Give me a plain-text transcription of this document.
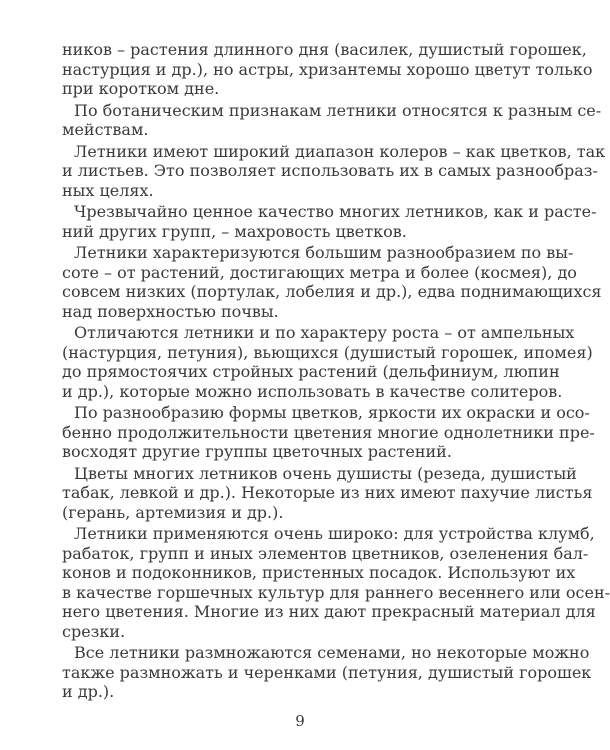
ников – растения длинного дня (василек, душистый горошек,
настурция и др.), но астры, хризантемы хорошо цветут только
при коротком дне.
По ботаническим признакам летники относятся к разным се-
мействам.
Летники имеют широкий диапазон колеров – как цветков, так
и листьев. Это позволяет использовать их в самых разнообраз-
ных целях.
Чрезвычайно ценное качество многих летников, как и расте-
ний других групп, – махровость цветков.
Летники характеризуются большим разнообразием по вы-
соте – от растений, достигающих метра и более (космея), до
совсем низких (портулак, лобелия и др.), едва поднимающихся
над поверхностью почвы.
Отличаются летники и по характеру роста – от ампельных
(настурция, петуния), вьющихся (душистый горошек, ипомея)
до прямостоячих стройных растений (дельфиниум, люпин
и др.), которые можно использовать в качестве солитеров.
По разнообразию формы цветков, яркости их окраски и осо-
бенно продолжительности цветения многие однолетники пре-
восходят другие группы цветочных растений.
Цветы многих летников очень душисты (резеда, душистый
табак, левкой и др.). Некоторые из них имеют пахучие листья
(герань, артемизия и др.).
Летники применяются очень широко: для устройства клумб,
рабаток, групп и иных элементов цветников, озеленения бал-
конов и подоконников, пристенных посадок. Используют их
в качестве горшечных культур для раннего весеннего или осен-
него цветения. Многие из них дают прекрасный материал для
срезки.
Все летники размножаются семенами, но некоторые можно
также размножать и черенками (петуния, душистый горошек
и др.).
9
